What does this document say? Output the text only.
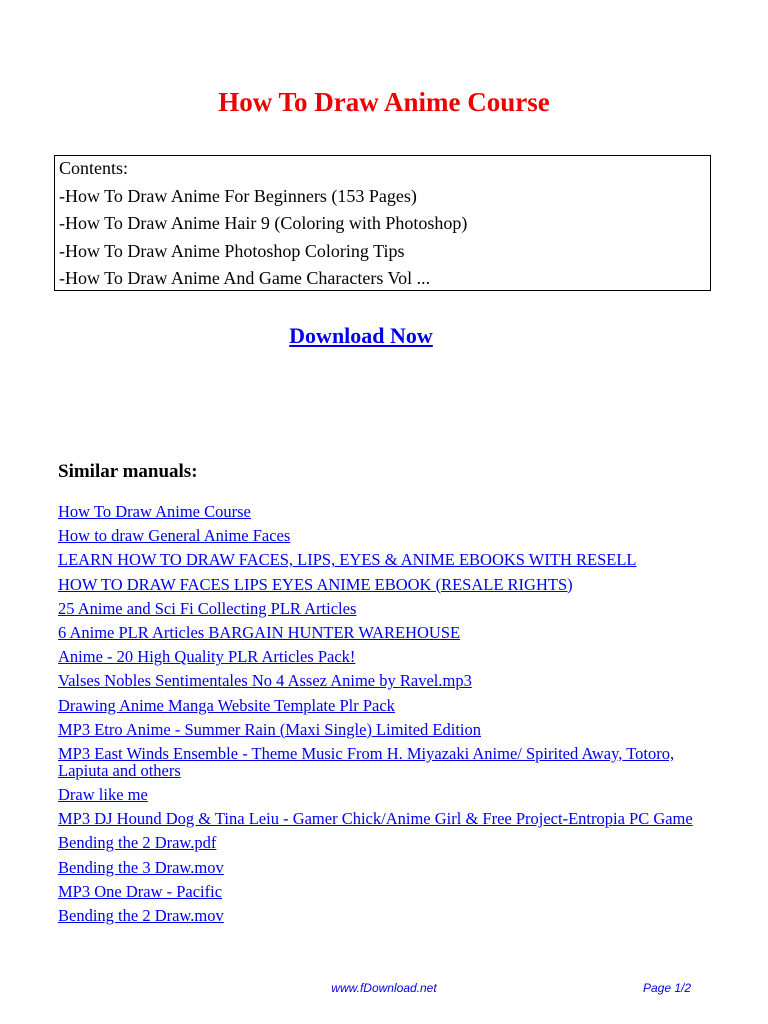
How To Draw Anime Course
Contents:
-How To Draw Anime For Beginners (153 Pages)
-How To Draw Anime Hair 9 (Coloring with Photoshop)
-How To Draw Anime Photoshop Coloring Tips
-How To Draw Anime And Game Characters Vol ...
Download Now
Similar manuals:
How To Draw Anime Course
How to draw General Anime Faces
LEARN HOW TO DRAW FACES, LIPS, EYES & ANIME EBOOKS WITH RESELL
HOW TO DRAW FACES LIPS EYES ANIME EBOOK (RESALE RIGHTS)
25 Anime and Sci Fi Collecting PLR Articles
6 Anime PLR Articles BARGAIN HUNTER WAREHOUSE
Anime - 20 High Quality PLR Articles Pack!
Valses Nobles Sentimentales No 4 Assez Anime by Ravel.mp3
Drawing Anime Manga Website Template Plr Pack
MP3 Etro Anime - Summer Rain (Maxi Single) Limited Edition
MP3 East Winds Ensemble - Theme Music From H. Miyazaki Anime/ Spirited Away, Totoro, Lapiuta and others
Draw like me
MP3 DJ Hound Dog & Tina Leiu - Gamer Chick/Anime Girl & Free Project-Entropia PC Game
Bending the 2 Draw.pdf
Bending the 3 Draw.mov
MP3 One Draw - Pacific
Bending the 2 Draw.mov
www.fDownload.net	Page 1/2
